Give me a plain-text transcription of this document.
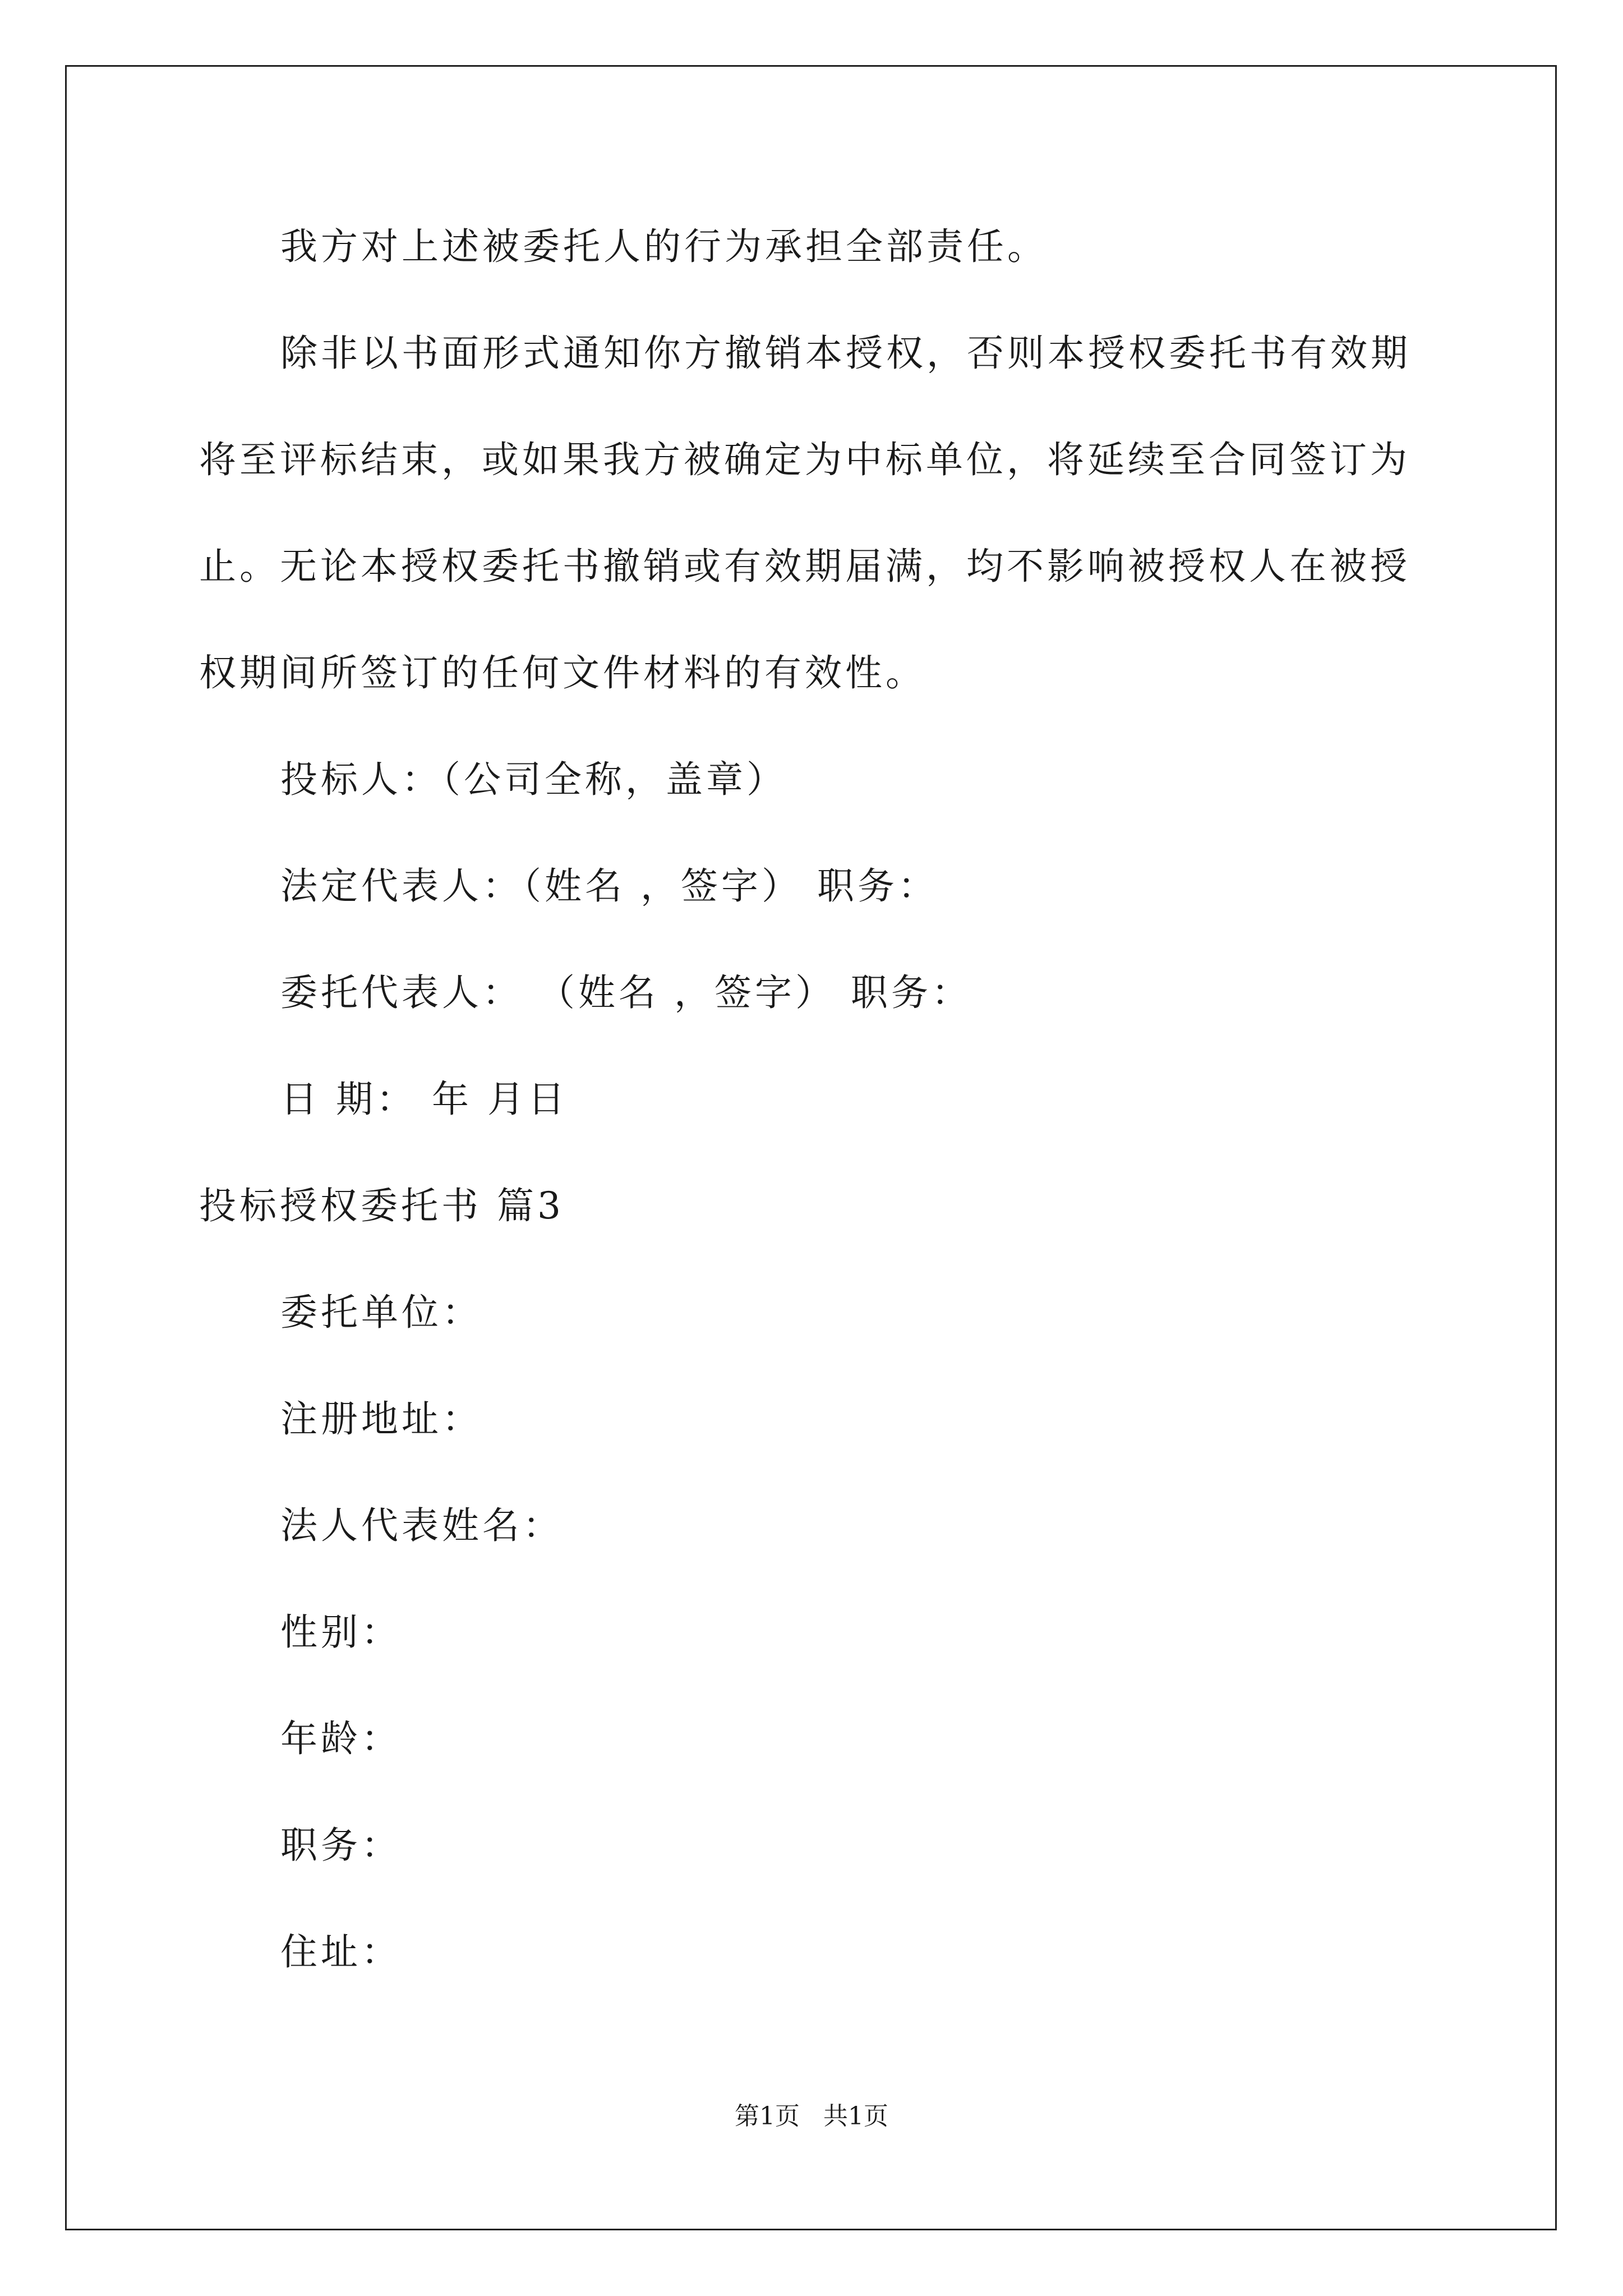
我方对上述被委托人的行为承担全部责任。
除非以书面形式通知你方撤销本授权，否则本授权委托书有效期
将至评标结束，或如果我方被确定为中标单位，将延续至合同签订为
止。无论本授权委托书撤销或有效期届满，均不影响被授权人在被授
权期间所签订的任何文件材料的有效性。
投标人：（公司全称，盖章）
法定代表人：（姓名 ，签字） 职务：
委托代表人： （姓名 ，签字） 职务：
日 期： 年 月日
投标授权委托书 篇3
委托单位：
注册地址：
法人代表姓名：
性别：
年龄：
职务：
住址：
第1页   共1页
